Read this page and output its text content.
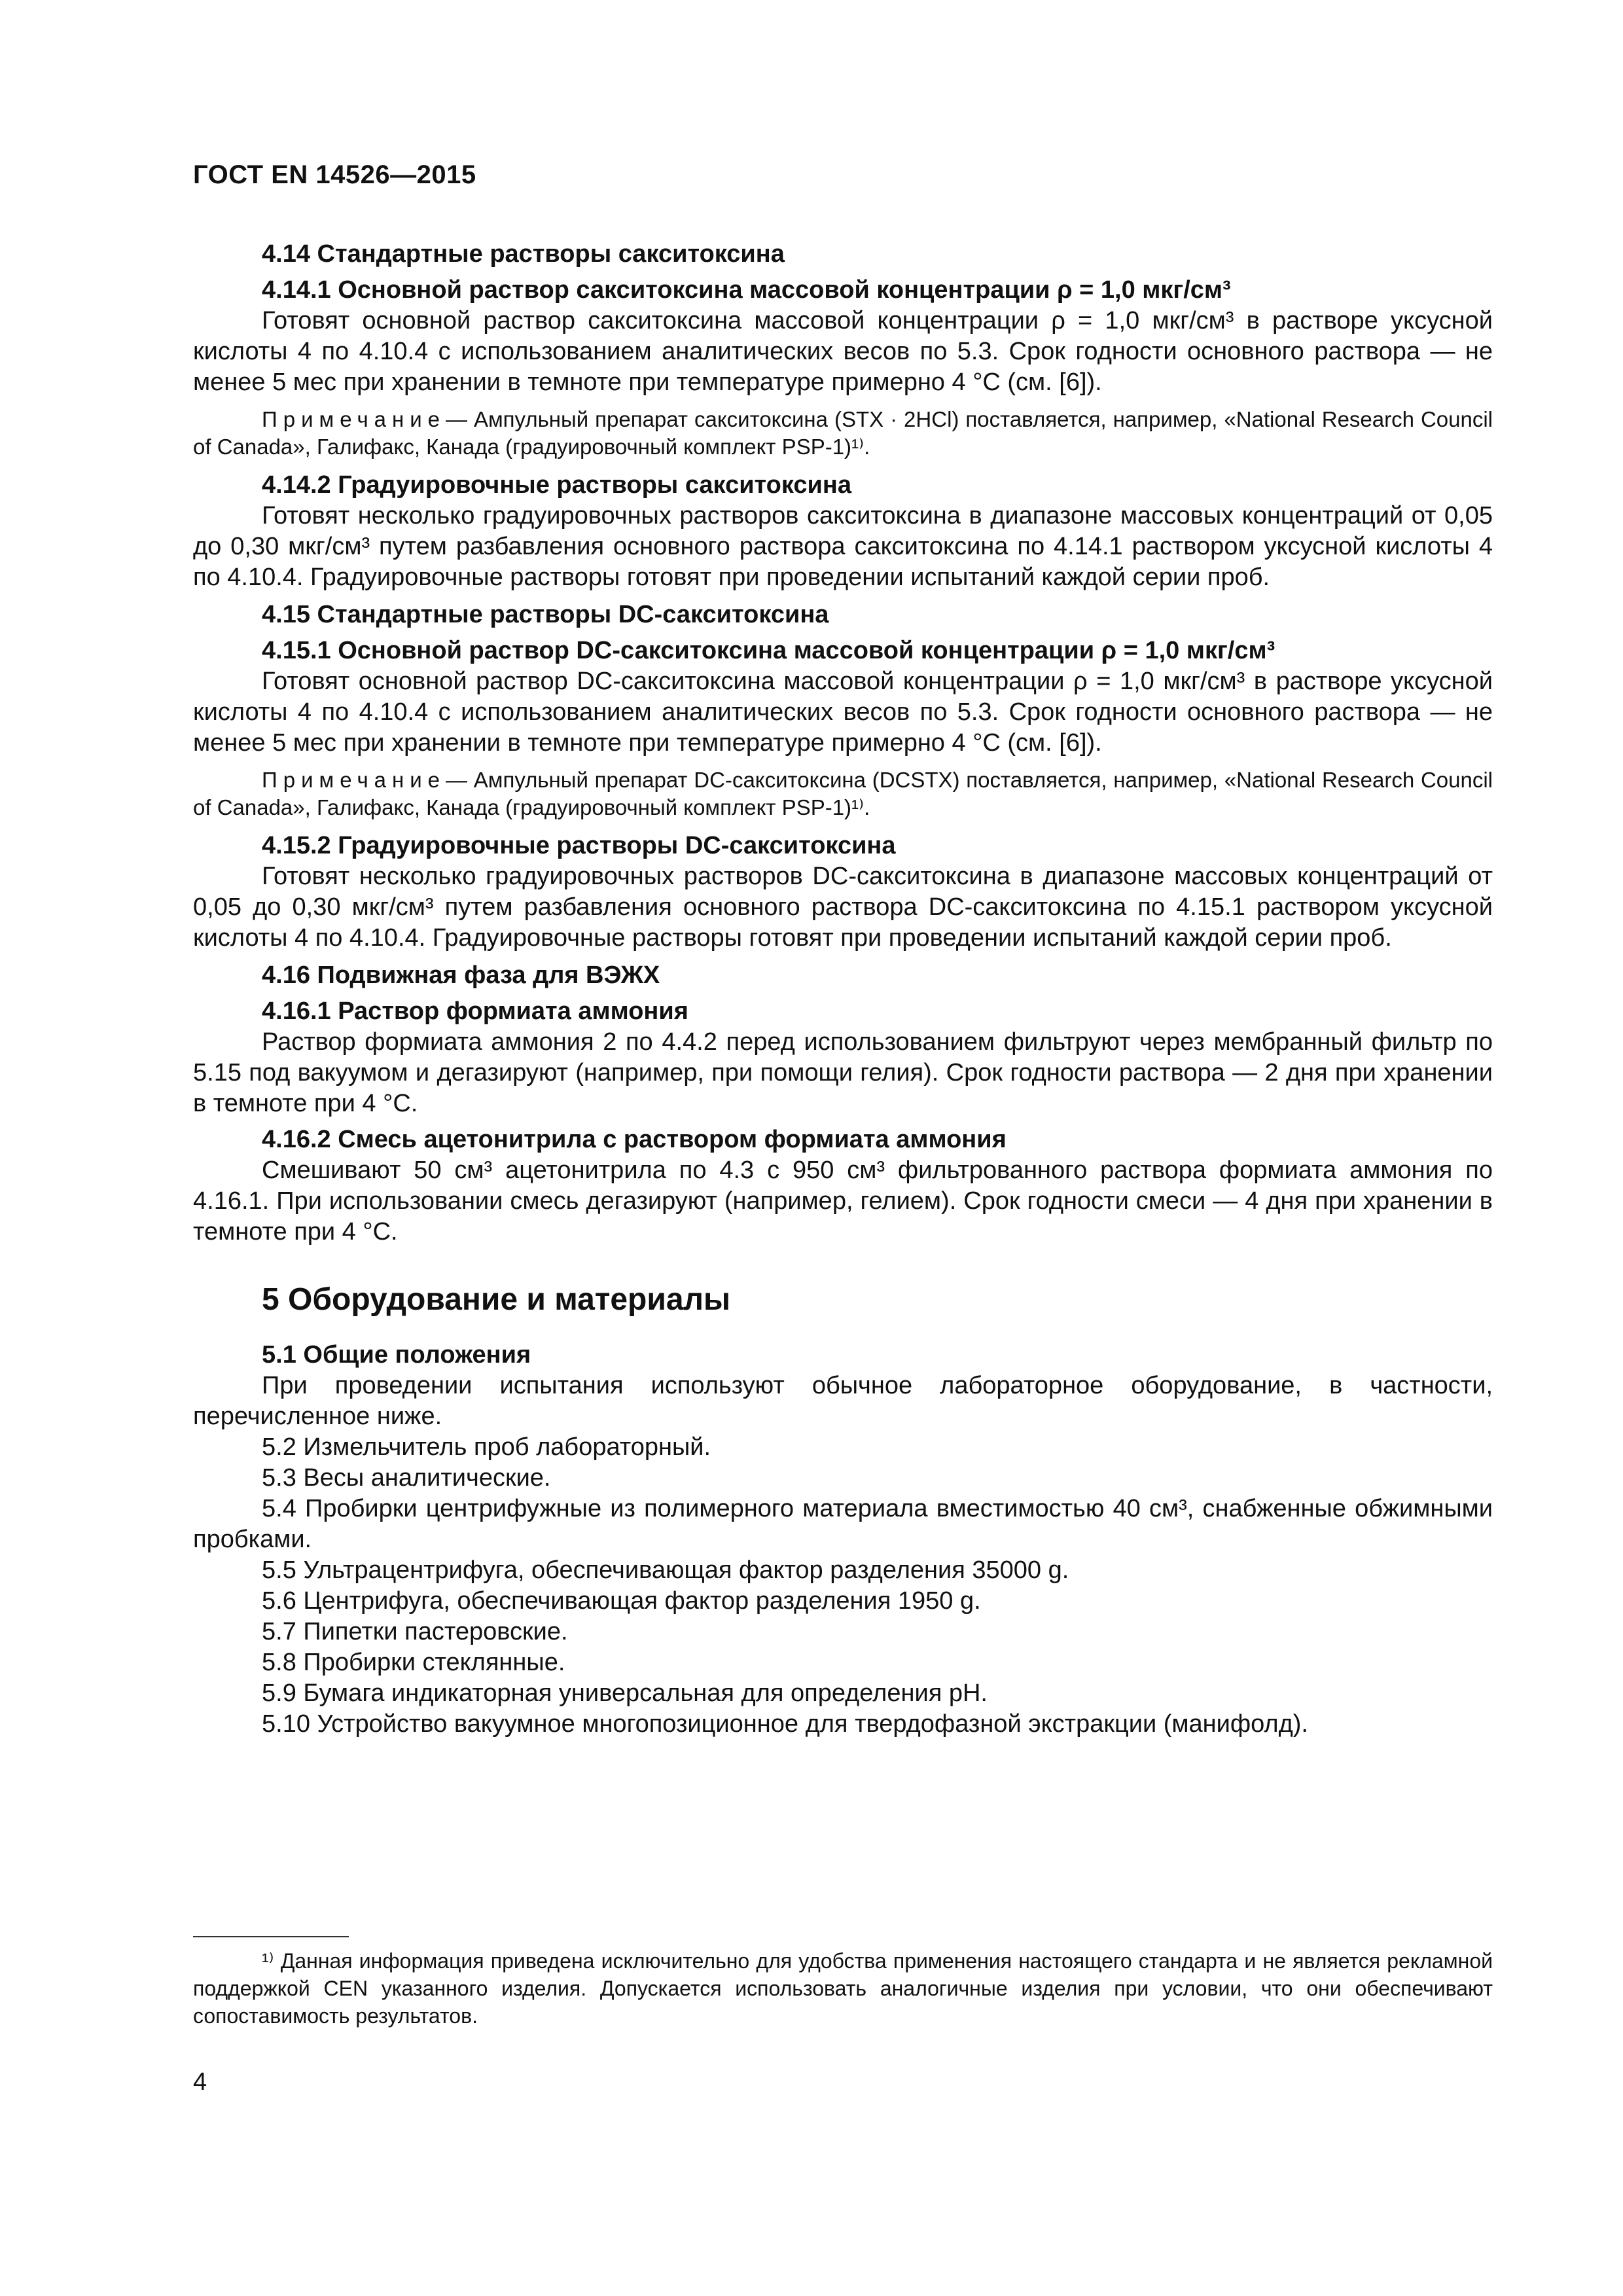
ГОСТ EN 14526—2015
4.14 Стандартные растворы сакситоксина
4.14.1 Основной раствор сакситоксина массовой концентрации ρ = 1,0 мкг/см³

Готовят основной раствор сакситоксина массовой концентрации ρ = 1,0 мкг/см³ в растворе уксусной кислоты 4 по 4.10.4 с использованием аналитических весов по 5.3. Срок годности основного раствора — не менее 5 мес при хранении в темноте при температуре примерно 4 °С (см. [6]).

Примечание— Ампульный препарат сакситоксина (STX · 2HCl) поставляется, например, «National Research Council of Canada», Галифакс, Канада (градуировочный комплект PSP-1)¹⁾.
4.14.2 Градуировочные растворы сакситоксина

Готовят несколько градуировочных растворов сакситоксина в диапазоне массовых концентраций от 0,05 до 0,30 мкг/см³ путем разбавления основного раствора сакситоксина по 4.14.1 раствором уксусной кислоты 4 по 4.10.4. Градуировочные растворы готовят при проведении испытаний каждой серии проб.

4.15 Стандартные растворы DC-сакситоксина
4.15.1 Основной раствор DC-сакситоксина массовой концентрации ρ = 1,0 мкг/см³

Готовят основной раствор DC-сакситоксина массовой концентрации ρ = 1,0 мкг/см³ в растворе уксусной кислоты 4 по 4.10.4 с использованием аналитических весов по 5.3. Срок годности основного раствора — не менее 5 мес при хранении в темноте при температуре примерно 4 °С (см. [6]).

Примечание— Ампульный препарат DC-сакситоксина (DCSTX) поставляется, например, «National Research Council of Canada», Галифакс, Канада (градуировочный комплект PSP-1)¹⁾.
4.15.2 Градуировочные растворы DC-сакситоксина

Готовят несколько градуировочных растворов DC-сакситоксина в диапазоне массовых концентраций от 0,05 до 0,30 мкг/см³ путем разбавления основного раствора DC-сакситоксина по 4.15.1 раствором уксусной кислоты 4 по 4.10.4. Градуировочные растворы готовят при проведении испытаний каждой серии проб.

4.16 Подвижная фаза для ВЭЖХ
4.16.1 Раствор формиата аммония

Раствор формиата аммония 2 по 4.4.2 перед использованием фильтруют через мембранный фильтр по 5.15 под вакуумом и дегазируют (например, при помощи гелия). Срок годности раствора — 2 дня при хранении в темноте при 4 °С.

4.16.2 Смесь ацетонитрила с раствором формиата аммония

Смешивают 50 см³ ацетонитрила по 4.3 с 950 см³ фильтрованного раствора формиата аммония по 4.16.1. При использовании смесь дегазируют (например, гелием). Срок годности смеси — 4 дня при хранении в темноте при 4 °С.

5 Оборудование и материалы
5.1 Общие положения

При проведении испытания используют обычное лабораторное оборудование, в частности, перечисленное ниже.

5.2 Измельчитель проб лабораторный.

5.3 Весы аналитические.

5.4 Пробирки центрифужные из полимерного материала вместимостью 40 см³, снабженные обжимными пробками.

5.5 Ультрацентрифуга, обеспечивающая фактор разделения 35000 g.

5.6 Центрифуга, обеспечивающая фактор разделения 1950 g.

5.7 Пипетки пастеровские.

5.8 Пробирки стеклянные.

5.9 Бумага индикаторная универсальная для определения pH.

5.10 Устройство вакуумное многопозиционное для твердофазной экстракции (манифолд).

¹⁾ Данная информация приведена исключительно для удобства применения настоящего стандарта и не является рекламной поддержкой CEN указанного изделия. Допускается использовать аналогичные изделия при условии, что они обеспечивают сопоставимость результатов.
4
